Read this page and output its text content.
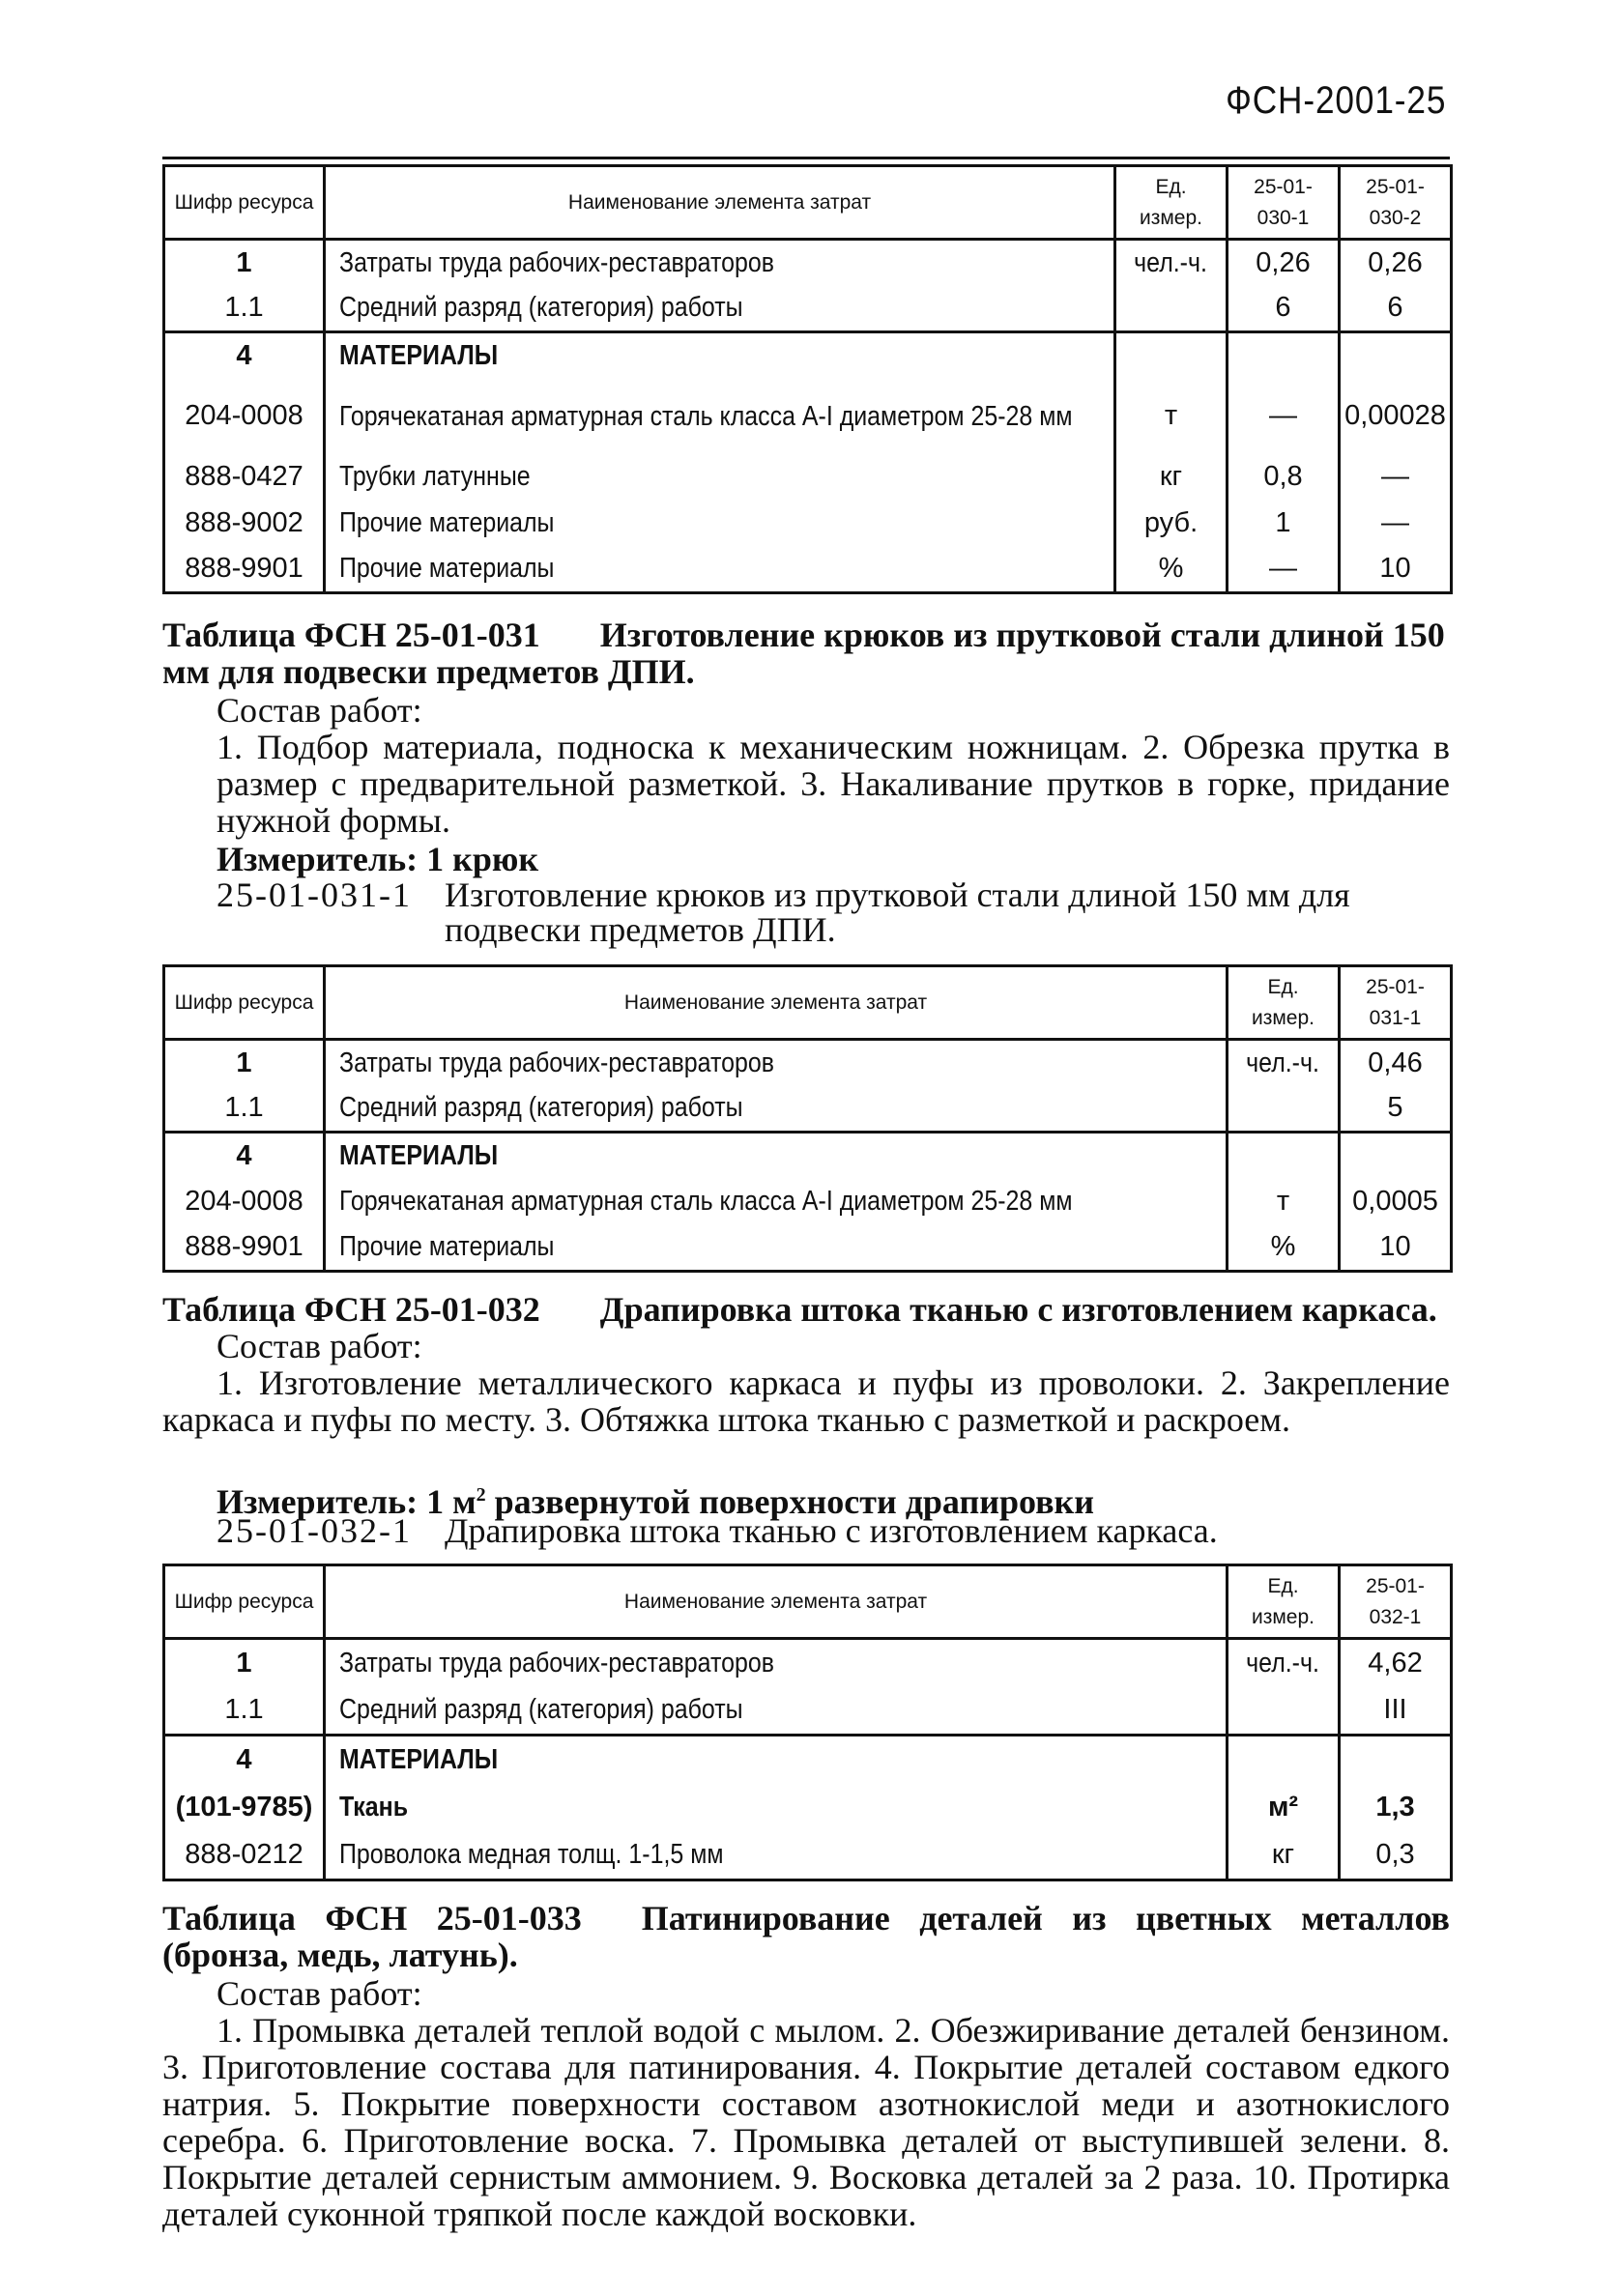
ФСН-2001-25
Шифр ресурса	Наименование элемента затрат	Ед. измер.	25-01-030-1	25-01-030-2
1	Затраты труда рабочих-реставраторов	чел.-ч.	0,26	0,26
1.1	Средний разряд (категория) работы		6	6
4	МАТЕРИАЛЫ			
204-0008	Горячекатаная арматурная сталь класса А-I диаметром 25-28 мм	т	—	0,00028
888-0427	Трубки латунные	кг	0,8	—
888-9002	Прочие материалы	руб.	1	—
888-9901	Прочие материалы	%	—	10
Таблица ФСН 25-01-031 Изготовление крюков из прутковой стали длиной 150 мм для подвески предметов ДПИ.
Состав работ:
1. Подбор материала, подноска к механическим ножницам. 2. Обрезка прутка в размер с предварительной разметкой. 3. Накаливание прутков в горке, придание нужной формы.
Измеритель: 1 крюк
25-01-031-1 Изготовление крюков из прутковой стали длиной 150 мм для подвески предметов ДПИ.
Шифр ресурса	Наименование элемента затрат	Ед. измер.	25-01-031-1
1	Затраты труда рабочих-реставраторов	чел.-ч.	0,46
1.1	Средний разряд (категория) работы		5
4	МАТЕРИАЛЫ		
204-0008	Горячекатаная арматурная сталь класса А-I диаметром 25-28 мм	т	0,0005
888-9901	Прочие материалы	%	10
Таблица ФСН 25-01-032 Драпировка штока тканью с изготовлением каркаса.
Состав работ:
1. Изготовление металлического каркаса и пуфы из проволоки. 2. Закрепление каркаса и пуфы по месту. 3. Обтяжка штока тканью с разметкой и раскроем.
Измеритель: 1 $м^2$ развернутой поверхности драпировки
25-01-032-1 Драпировка штока тканью с изготовлением каркаса.
Шифр ресурса	Наименование элемента затрат	Ед. измер.	25-01-032-1
1	Затраты труда рабочих-реставраторов	чел.-ч.	4,62
1.1	Средний разряд (категория) работы		III
4	МАТЕРИАЛЫ		
(101-9785)	Ткань	м²	1,3
888-0212	Проволока медная толщ. 1-1,5 мм	кг	0,3
Таблица ФСН 25-01-033 Патинирование деталей из цветных металлов (бронза, медь, латунь).
Состав работ:
1. Промывка деталей теплой водой с мылом. 2. Обезжиривание деталей бензином. 3. Приготовление состава для патинирования. 4. Покрытие деталей составом едкого натрия. 5. Покрытие поверхности составом азотнокислой меди и азотнокислого серебра. 6. Приготовление воска. 7. Промывка деталей от выступившей зелени. 8. Покрытие деталей сернистым аммонием. 9. Восковка деталей за 2 раза. 10. Протирка деталей суконной тряпкой после каждой восковки.
